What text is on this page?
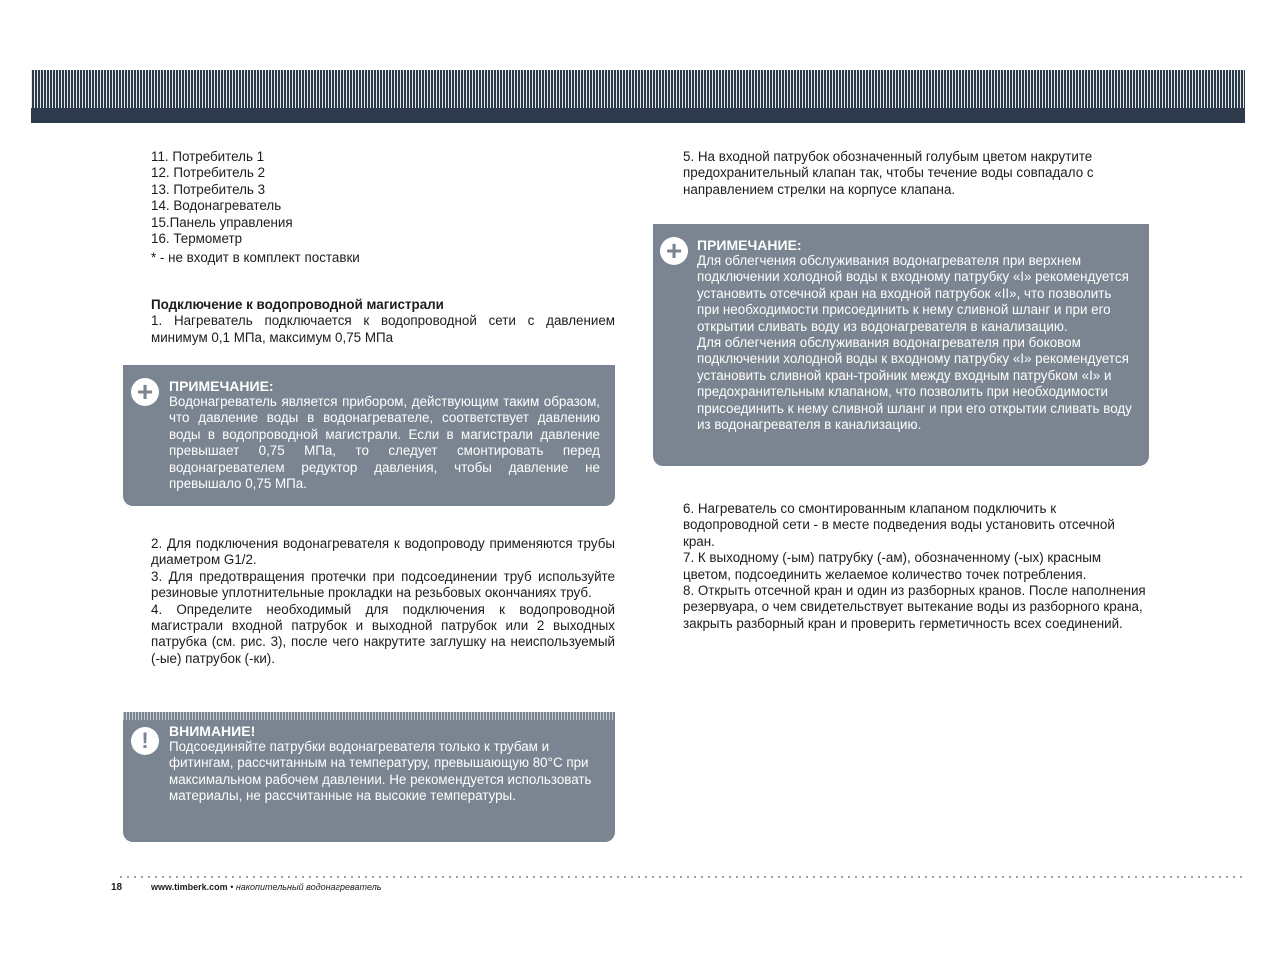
11. Потребитель 1

12. Потребитель 2

13. Потребитель 3

14. Водонагреватель

15.Панель управления

16. Термометр

* - не входит в комплект поставки

Подключение к водопроводной магистрали

1. Нагреватель подключается к водопроводной сети с давлением минимум 0,1 МПа, максимум 0,75 МПа

+	ПРИМЕЧАНИЕ:
Водонагреватель является прибором, действующим таким образом, что давление воды в водонагревателе, соответствует давлению воды в водопроводной магистрали. Если в магистрали давление превышает 0,75 МПа, то следует смонтировать перед водонагревателем редуктор давления, чтобы давление не превышало 0,75 МПа.

2. Для подключения водонагревателя к водопроводу применяются трубы диаметром G1/2.

3. Для предотвращения протечки при подсоединении труб используйте резиновые уплотнительные прокладки на резьбовых окончаниях труб.

4. Определите необходимый для подключения к водопроводной магистрали входной патрубок и выходной патрубок или 2 выходных патрубка (см. рис. 3), после чего накрутите заглушку на неиспользуемый (-ые) патрубок (-ки).

!	ВНИМАНИЕ!
Подсоединяйте патрубки водонагревателя только к трубам и фитингам, рассчитанным на температуру, превышающую 80°C при максимальном рабочем давлении. Не рекомендуется использовать материалы, не рассчитанные на высокие температуры.
5. На входной патрубок обозначенный голубым цветом накрутите предохранительный клапан так, чтобы течение воды совпадало с направлением стрелки на корпусе клапана.
+	ПРИМЕЧАНИЕ:
Для облегчения обслуживания водонагревателя при верхнем подключении холодной воды к входному патрубку «I» рекомендуется установить отсечной кран на входной патрубок «II», что позволить при необходимости присоединить к нему сливной шланг и при его открытии сливать воду из водонагревателя в канализацию.
Для облегчения обслуживания водонагревателя при боковом подключении холодной воды к входному патрубку «I» рекомендуется установить сливной кран-тройник между входным патрубком «I» и предохранительным клапаном, что позволить при необходимости присоединить к нему сливной шланг и при его открытии сливать воду из водонагревателя в канализацию.

6. Нагреватель со смонтированным клапаном подключить к водопроводной сети - в месте подведения воды установить отсечной кран.

7. К выходному (-ым) патрубку (-ам), обозначенному (-ых) красным цветом, подсоединить желаемое количество точек потребления.

8. Открыть отсечной кран и один из разборных кранов. После наполнения резервуара, о чем свидетельствует вытекание воды из разборного крана, закрыть разборный кран и проверить герметичность всех соединений.

18	www.timberk.com • накопительный водонагреватель
